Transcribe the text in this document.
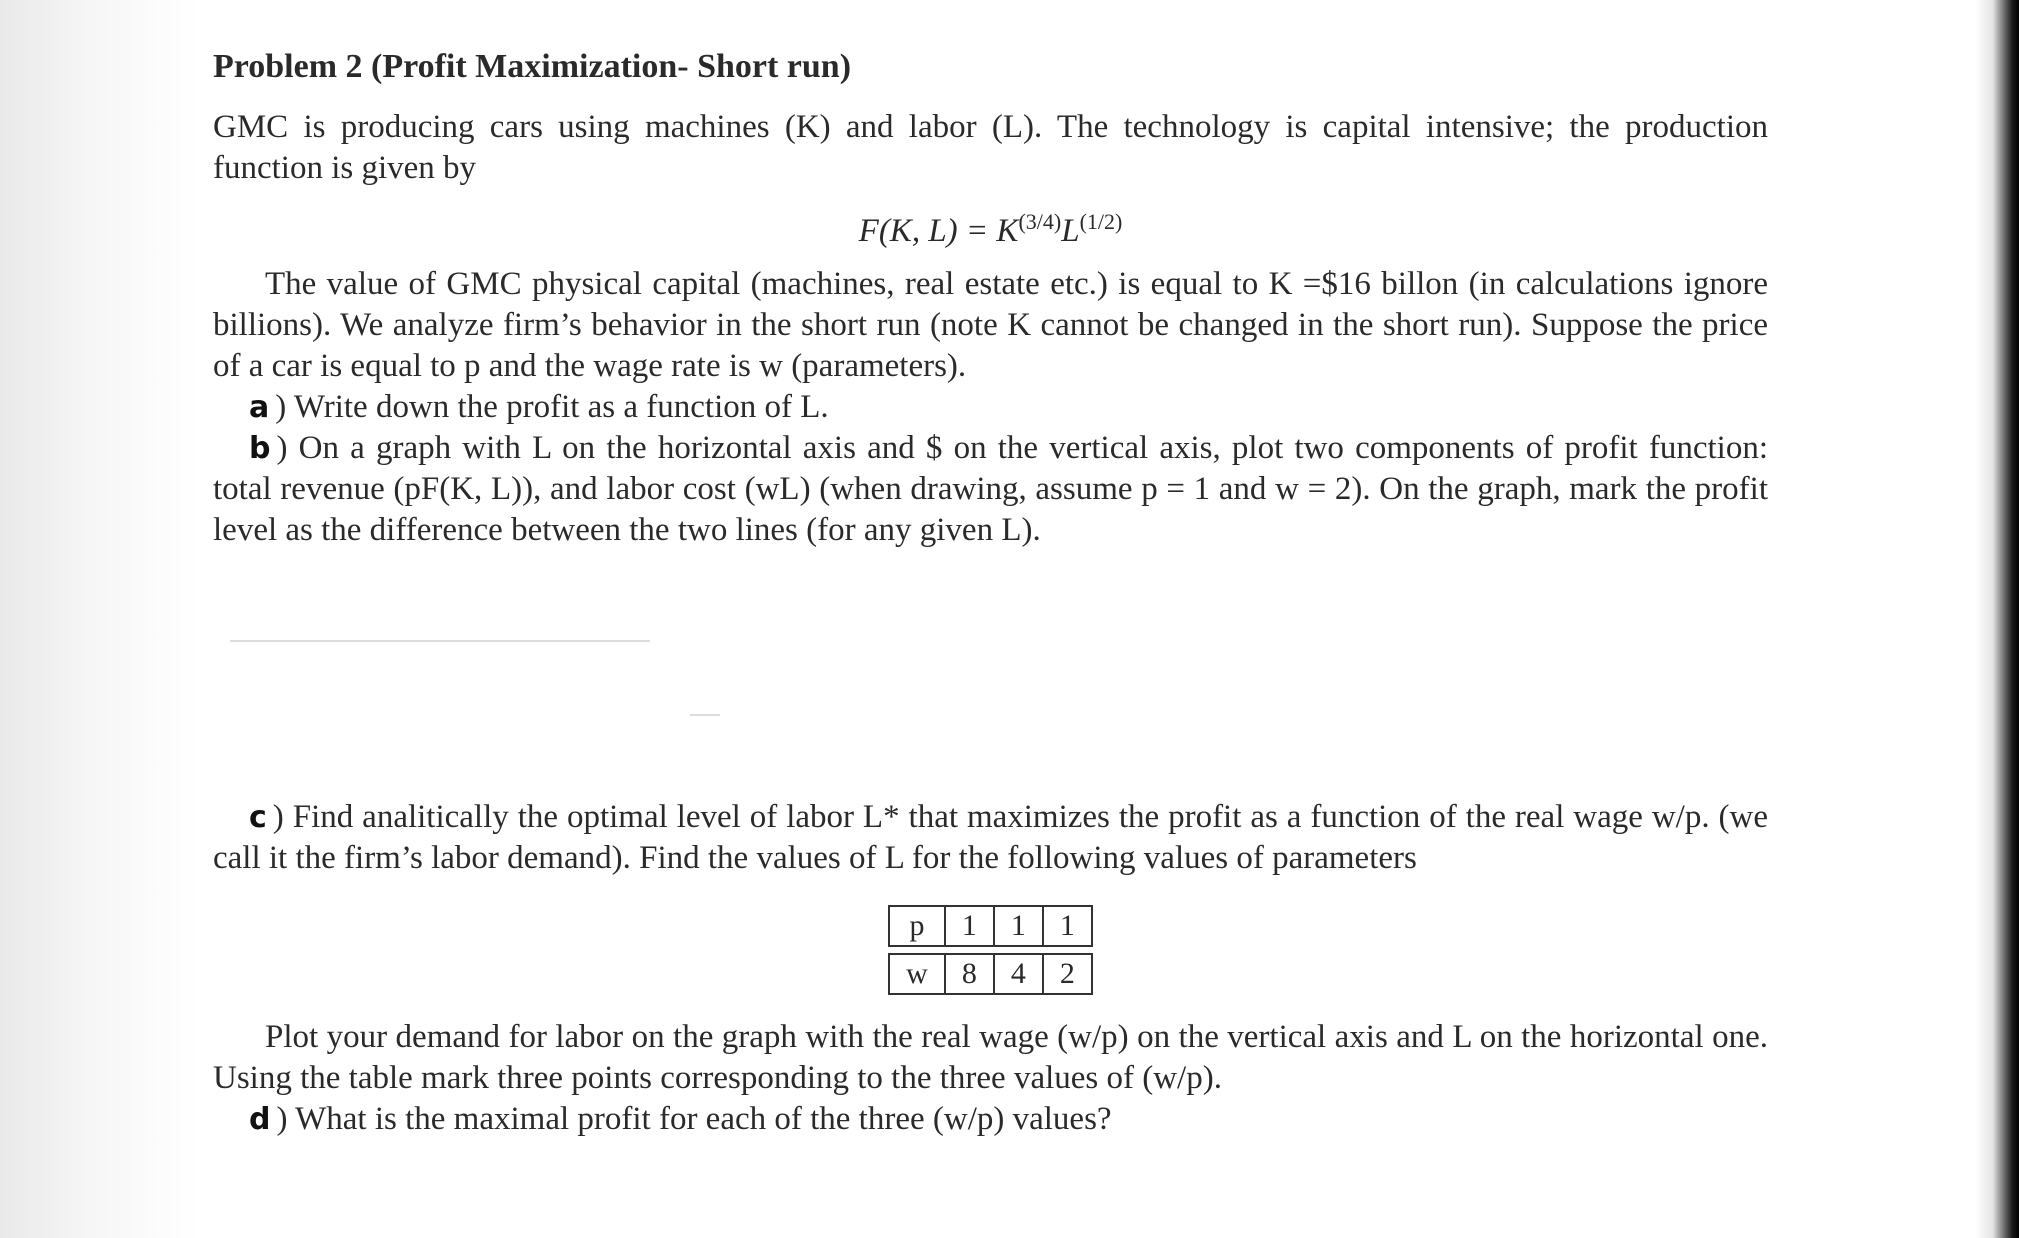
Problem 2 (Profit Maximization- Short run)

GMC is producing cars using machines (K) and labor (L). The technology is capital intensive; the production function is given by

F(K, $L) = K^{(3/4)}L^{(1/2)}$

The value of GMC physical capital (machines, real estate etc.) is equal to K =$16 billon (in calculations ignore billions). We analyze firm’s behavior in the short run (note K cannot be changed in the short run). Suppose the price of a car is equal to p and the wage rate is w (parameters).

a ) Write down the profit as a function of L.

b ) On a graph with L on the horizontal axis and $ on the vertical axis, plot two components of profit function: total revenue (pF(K, L)), and labor cost (wL) (when drawing, assume p = 1 and w = 2). On the graph, mark the profit level as the difference between the two lines (for any given L).

c ) Find analitically the optimal level of labor L* that maximizes the profit as a function of the real wage w/p. (we call it the firm’s labor demand). Find the values of L for the following values of parameters

p	1	1	1
w	8	4	2

Plot your demand for labor on the graph with the real wage (w/p) on the vertical axis and L on the horizontal one. Using the table mark three points corresponding to the three values of (w/p).

d ) What is the maximal profit for each of the three (w/p) values?
